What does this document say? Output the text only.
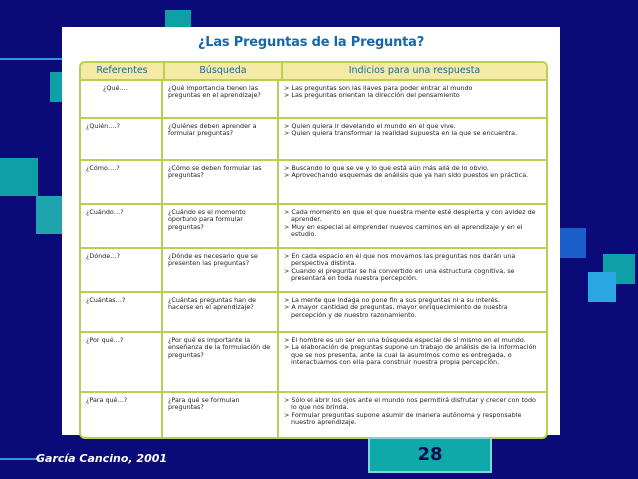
¿Las Preguntas de la Pregunta?
Referentes	Búsqueda	Indicios para una respuesta
¿Qué….	¿Qué importancia tienen las preguntas en el aprendizaje?
> Las preguntas son las llaves para poder entrar al mundo
> Las preguntas orientan la dirección del pensamiento
¿Quién….?	¿Quiénes deben aprender a formular preguntas?
> Quien quiera ir develando el mundo en el que vive.
> Quien quiera transformar la realidad supuesta en la que se encuentra.
¿Cómo….?	¿Cómo se deben formular las preguntas?
> Buscando lo que se ve y lo que está aún más allá de lo obvio.
> Aprovechando esquemas de análisis que ya han sido puestos en práctica.
¿Cuándo…?	¿Cuándo es el momento oportuno para formular preguntas?
> Cada momento en que el que nuestra mente esté despierta y con avidez de aprender.
> Muy en especial al emprender nuevos caminos en el aprendizaje y en el estudio.
¿Dónde…?	¿Dónde es necesario que se presenten las preguntas?
> En cada espacio en el que nos movamos las preguntas nos darán una perspectiva distinta.
> Cuando el preguntar se ha convertido en una estructura cognitiva, se presentará en toda nuestra percepción.
¿Cuántas…?	¿Cuántas preguntas han de hacerse en el aprendizaje?
> La mente que indaga no pone fin a sus preguntas ni a su interés.
> A mayor cantidad de preguntas, mayor enriquecimiento de nuestra percepción y de nuestro razonamiento.
¿Por qué…?	¿Por qué es importante la enseñanza de la formulación de preguntas?
> El hombre es un ser en una búsqueda especial de sí mismo en el mundo.
> La elaboración de preguntas supone un trabajo de análisis de la información que se nos presenta, ante la cual la asumimos como es entregada, o interactuamos con ella para construir nuestra propia percepción.
¿Para qué…?	¿Para qué se formulan preguntas?
> Sólo el abrir los ojos ante el mundo nos permitirá disfrutar y crecer con todo lo que nos brinda.
> Formular preguntas supone asumir de manera autónoma y responsable nuestro aprendizaje.
García Cancino, 2001	28
